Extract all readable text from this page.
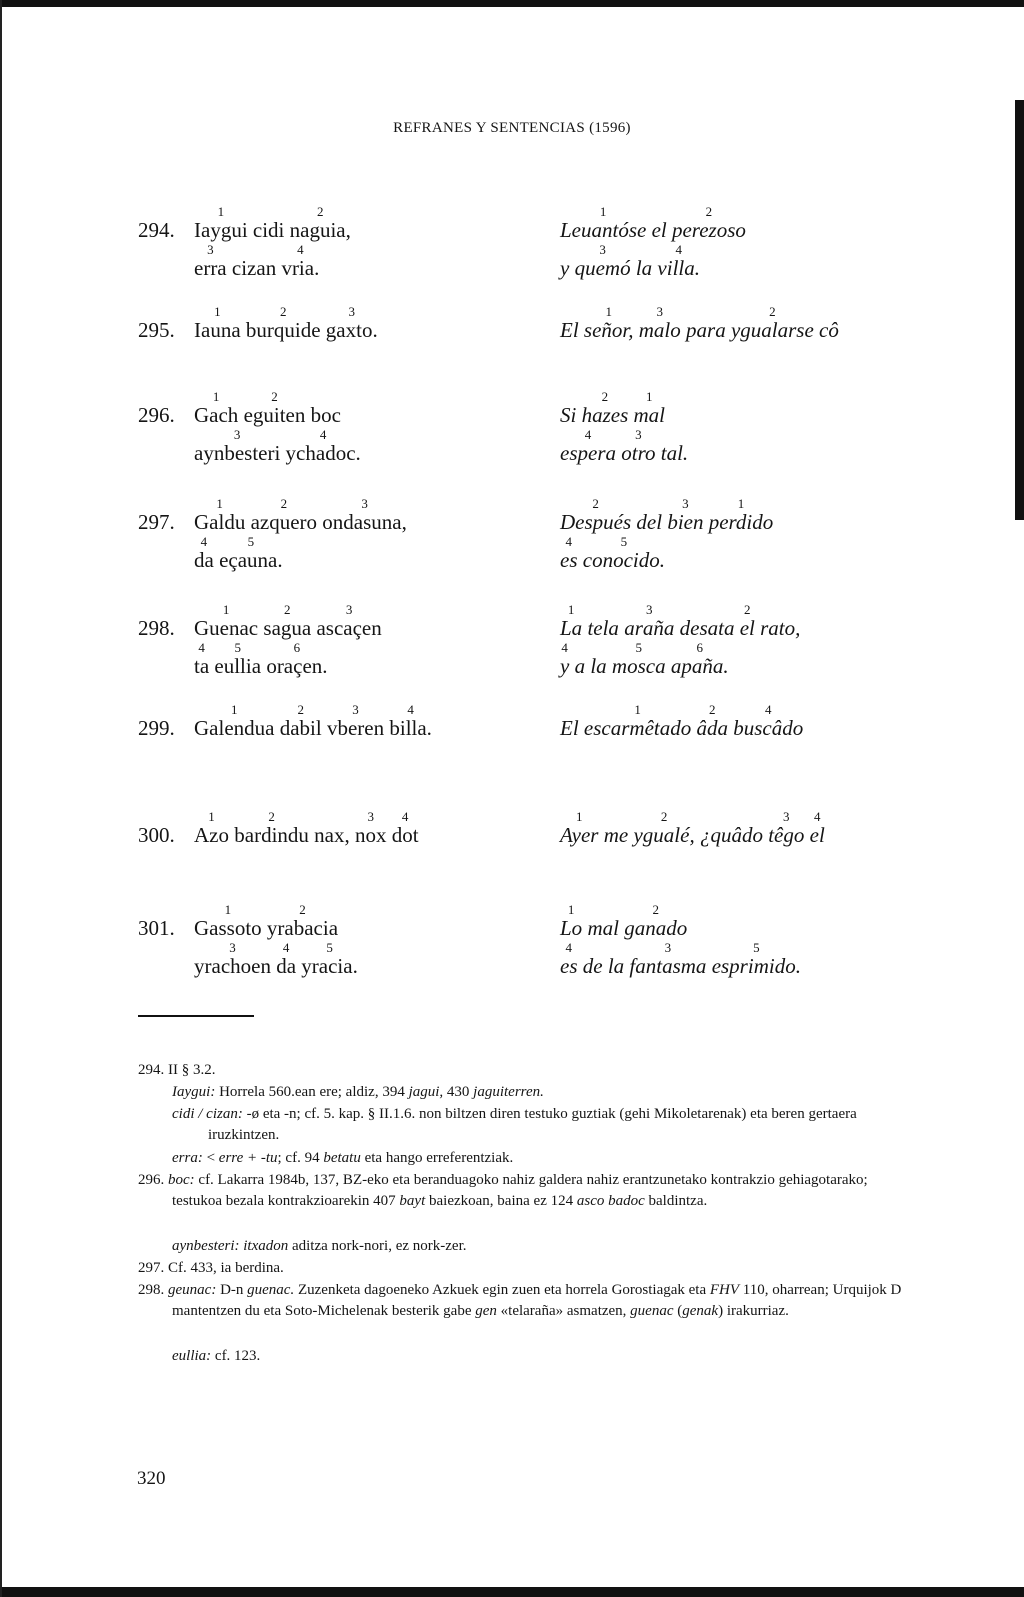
REFRANES Y SENTENCIAS (1596)
294. Iaygui
1
cidi naguia,
2
erra
3
cizan vria.
4
Leuantóse
1
el perezoso
2
y quemó
3
la villa.
4
295. Iauna
1
burquide
2
gaxto.
3
El señor,
1
malo
3
para ygualarse
2
cô
296. Gach
1
eguiten
2
boc
aynbesteri
3
ychadoc.
4
Si hazes
2
mal
1
espera
4
otro
3
tal.
297. Galdu
1
azquero
2
ondasuna,
3
da
4
eçauna.
5
Después
2
del bien
3
perdido
1
es
4
conocido.
5
298. Guenac
1
sagua
2
ascaçen
3
ta
4
eullia
5
oraçen.
6
La
1
tela araña
3
desata el
2
rato,
y
4
a la mosca
5
apaña.
6
299. Galendua
1
dabil
2
vberen
3
billa.
4
El escarmêtado
1
âda
2
buscâdo
4
300. Azo
1
bardindu
2
nax, nox
3
dot
4
Ayer
1
me ygualé,
2
¿quâdo têgo
3
el
4
301. Gassoto
1
yrabacia
2
yrachoen
3
da
4
yracia.
5
Lo
1
mal ganado
2
es
4
de la fantasma
3
esprimido.
5
294. II § 3.2.
Iaygui: Horrela 560.ean ere; aldiz, 394 jagui, 430 jaguiterren.
cidi / cizan: -ø eta -n; cf. 5. kap. § II.1.6. non biltzen diren testuko guztiak (gehi Mikoletarenak) eta beren gertaera iruzkintzen.
erra: < erre + -tu; cf. 94 betatu eta hango erreferentziak.
296. boc: cf. Lakarra 1984b, 137, BZ-eko eta beranduagoko nahiz galdera nahiz erantzunetako kontrakzio gehiagotarako; testukoa bezala kontrakzioarekin 407 bayt baiezkoan, baina ez 124 asco badoc baldintza.
aynbesteri: itxadon aditza nork-nori, ez nork-zer.
297. Cf. 433, ia berdina.
298. geunac: D-n guenac. Zuzenketa dagoeneko Azkuek egin zuen eta horrela Gorostiagak eta FHV 110, oharrean; Urquijok D mantentzen du eta Soto-Michelenak besterik gabe gen «telaraña» asmatzen, guenac (genak) irakurriaz.
eullia: cf. 123.
320
